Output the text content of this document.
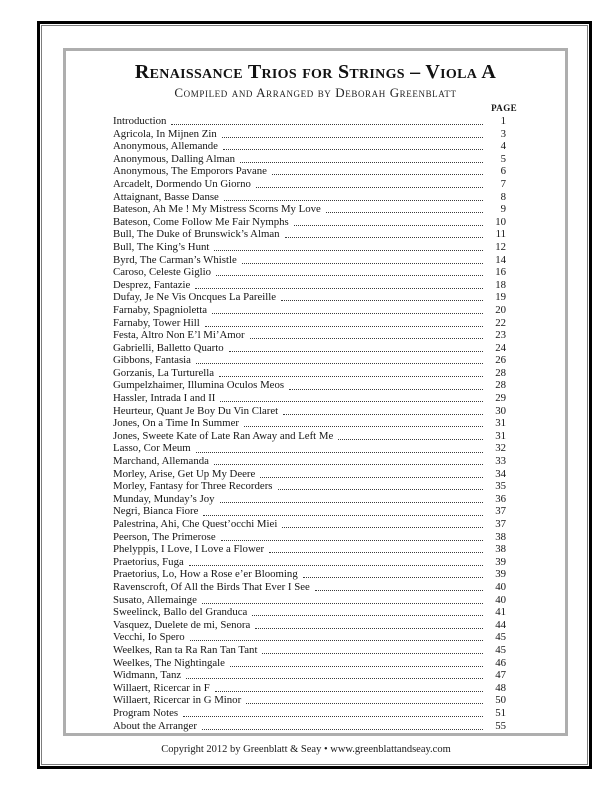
Renaissance Trios for Strings – Viola A
Compiled and Arranged by Deborah Greenblatt
PAGE
Introduction	1
Agricola, In Mijnen Zin	3
Anonymous, Allemande	4
Anonymous, Dalling Alman	5
Anonymous, The Emporors Pavane	6
Arcadelt, Dormendo Un Giorno	7
Attaignant, Basse Danse	8
Bateson, Ah Me ! My Mistress Scorns My Love	9
Bateson, Come Follow Me Fair Nymphs	10
Bull, The Duke of Brunswick’s Alman	11
Bull, The King’s Hunt	12
Byrd, The Carman’s Whistle	14
Caroso, Celeste Giglio	16
Desprez, Fantazie	18
Dufay, Je Ne Vis Oncques La Pareille	19
Farnaby, Spagnioletta	20
Farnaby, Tower Hill	22
Festa, Altro Non E’l Mi’Amor	23
Gabrielli, Balletto Quarto	24
Gibbons, Fantasia	26
Gorzanis, La Turturella	28
Gumpelzhaimer, Illumina Oculos Meos	28
Hassler, Intrada I and II	29
Heurteur, Quant Je Boy Du Vin Claret	30
Jones, On a Time In Summer	31
Jones, Sweete Kate of Late Ran Away and Left Me	31
Lasso, Cor Meum	32
Marchand, Allemanda	33
Morley, Arise, Get Up My Deere	34
Morley, Fantasy for Three Recorders	35
Munday, Munday’s Joy	36
Negri, Bianca Fiore	37
Palestrina, Ahi, Che Quest’occhi Miei	37
Peerson, The Primerose	38
Phelyppis, I Love, I Love a Flower	38
Praetorius, Fuga	39
Praetorius, Lo, How a Rose e’er Blooming	39
Ravenscroft, Of All the Birds That Ever I See	40
Susato, Allemainge	40
Sweelinck, Ballo del Granduca	41
Vasquez, Duelete de mi, Senora	44
Vecchi, Io Spero	45
Weelkes, Ran ta Ra Ran Tan Tant	45
Weelkes, The Nightingale	46
Widmann, Tanz	47
Willaert, Ricercar in F	48
Willaert, Ricercar in G Minor	50
Program Notes	51
About the Arranger	55
Copyright 2012 by Greenblatt & Seay • www.greenblattandseay.com
